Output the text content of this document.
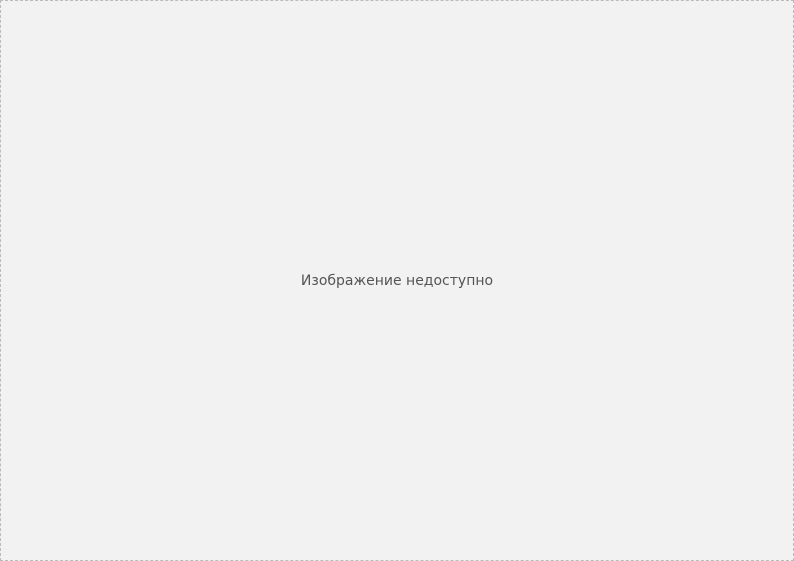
Изображение недоступно
